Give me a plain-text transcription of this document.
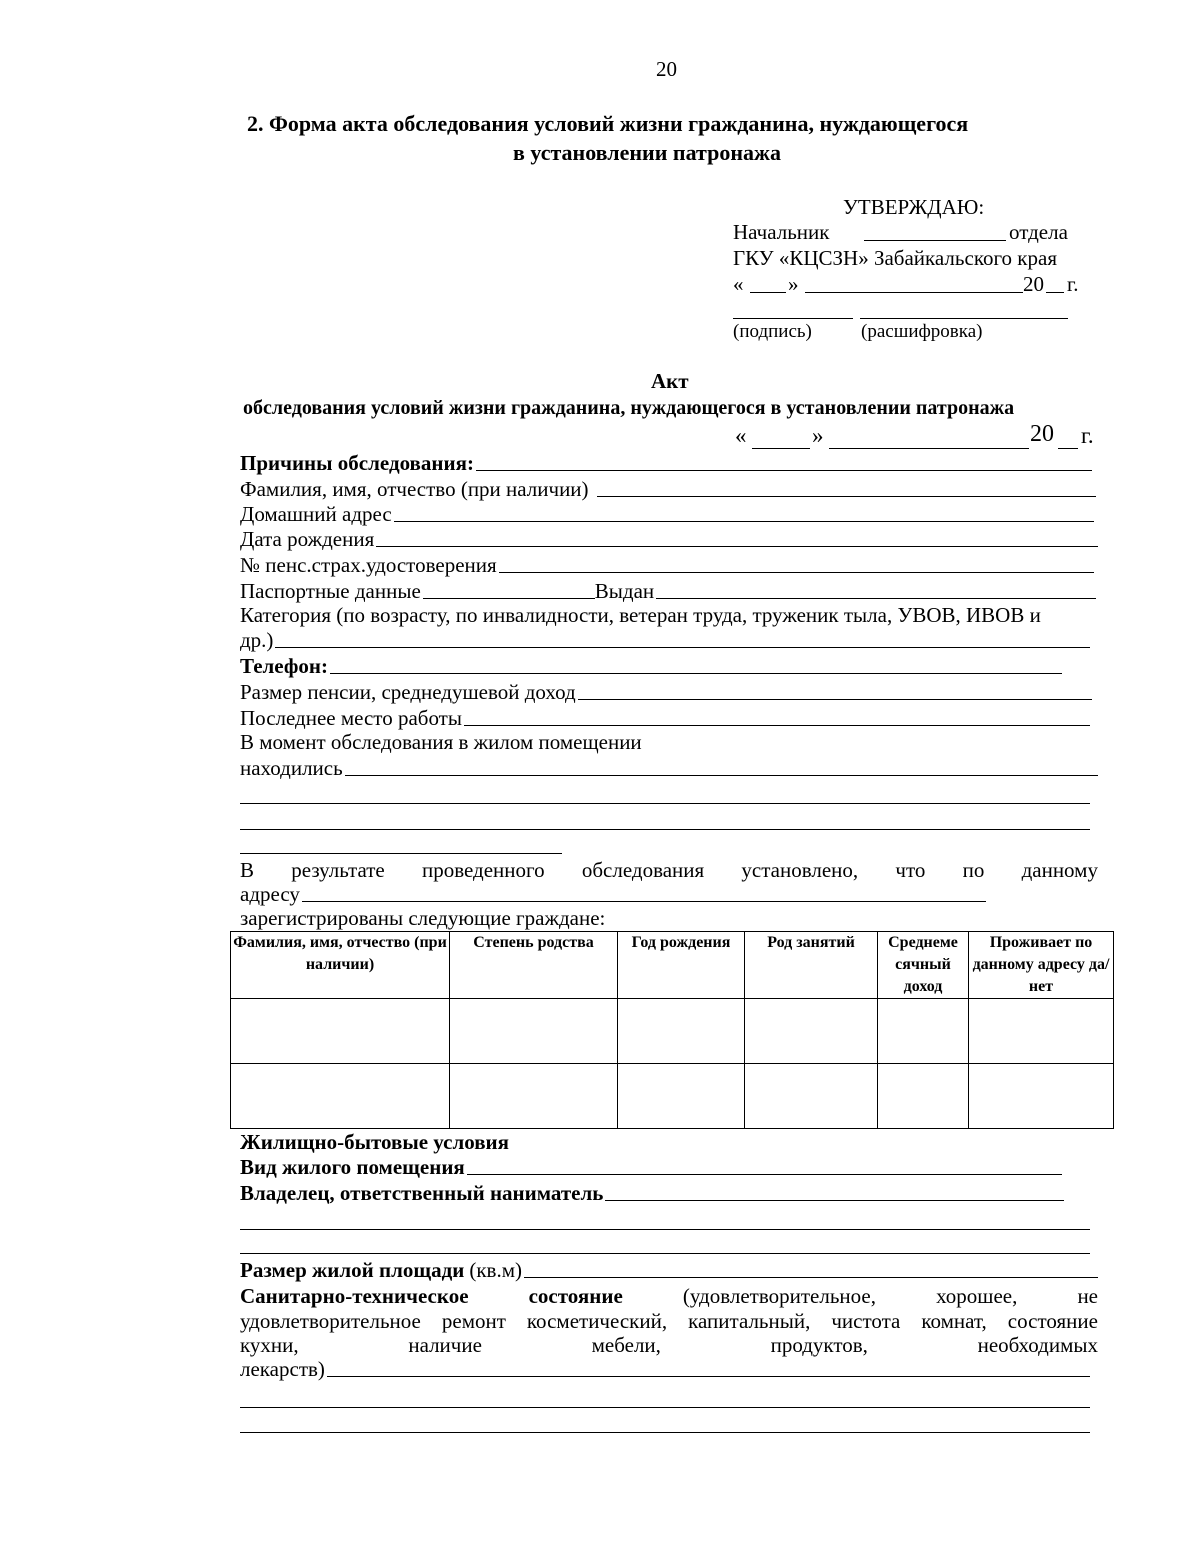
20
2. Форма акта обследования условий жизни гражданина, нуждающегося
в установлении патронажа
УТВЕРЖДАЮ:
Начальник	отдела
ГКУ «КЦСЗН» Забайкальского края
« »	20 г.
(подпись)	(расшифровка)
Акт
обследования условий жизни гражданина, нуждающегося в установлении патронажа
«	»	20 г.
Причины обследования:
Фамилия, имя, отчество (при наличии)
Домашний адрес
Дата рождения
№ пенс.страх.удостоверения
Паспортные данные	Выдан
Категория (по возрасту, по инвалидности, ветеран труда, труженик тыла, УВОВ, ИВОВ и
др.)
Телефон:
Размер пенсии, среднедушевой доход
Последнее место работы
В момент обследования в жилом помещении
находились
В результате проведенного обследования установлено, что по данному
адресу
зарегистрированы следующие граждане:
Фамилия, имя, отчество (при наличии)	Степень родства	Год рождения	Род занятий	Среднеме сячный доход	Проживает по данному адресу да/нет

Жилищно-бытовые условия
Вид жилого помещения
Владелец, ответственный наниматель
Размер жилой площади (кв.м)
Санитарно-техническое	состояние	(удовлетворительное,	хорошее,	не
удовлетворительное ремонт косметический, капитальный, чистота комнат, состояние
кухни,	наличие	мебели,	продуктов,	необходимых
лекарств)
